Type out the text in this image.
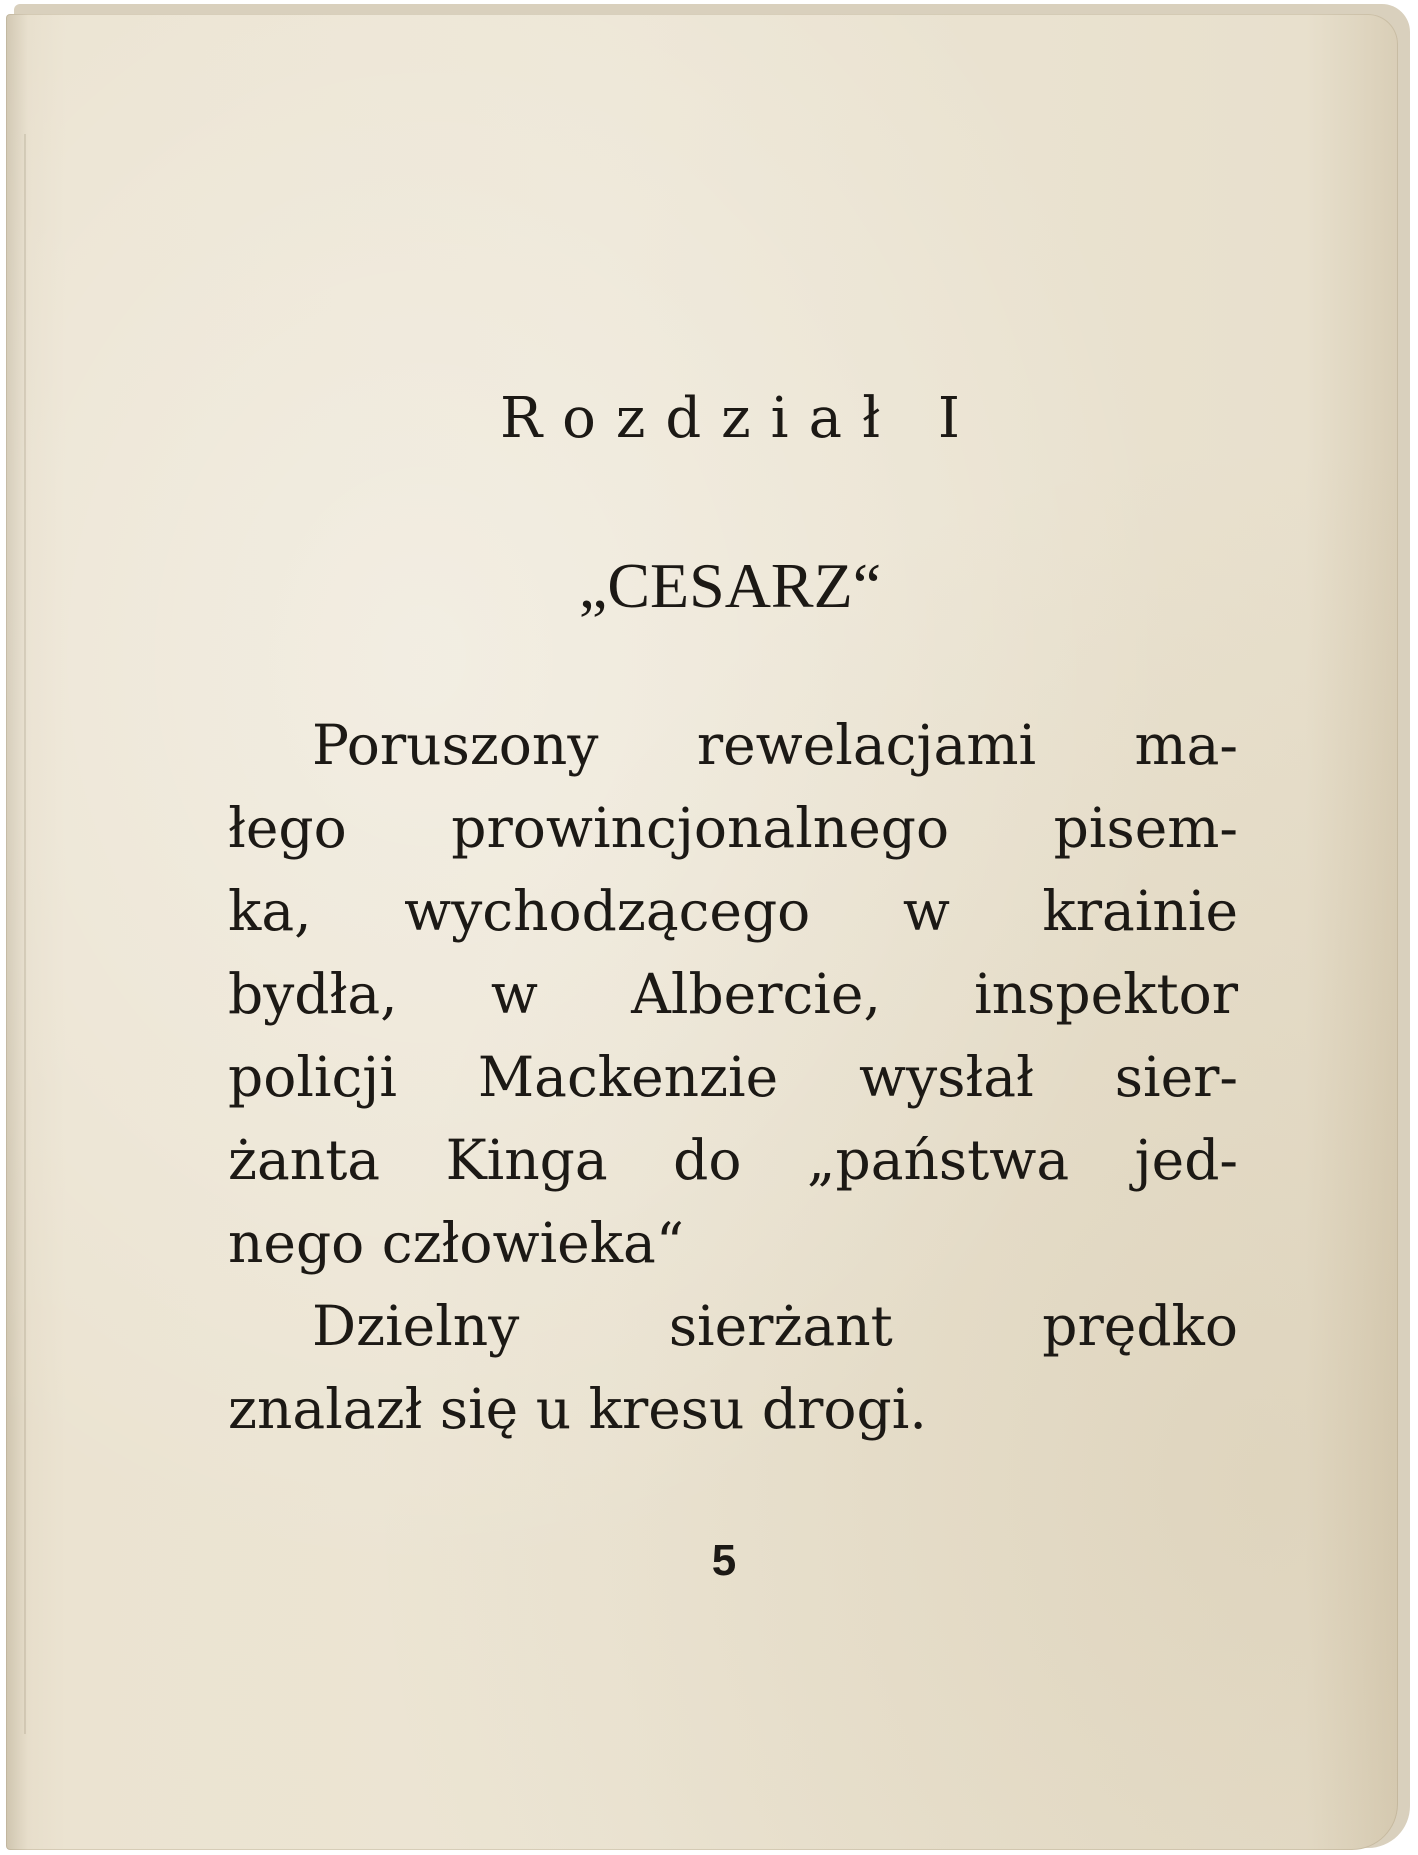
Rozdział I
„CESARZ“
Poruszony rewelacjami ma-
łego prowincjonalnego pisem-
ka, wychodzącego w krainie
bydła, w Albercie, inspektor
policji Mackenzie wysłał sier-
żanta Kinga do „państwa jed-
nego człowieka“
Dzielny sierżant prędko
znalazł się u kresu drogi.
5
